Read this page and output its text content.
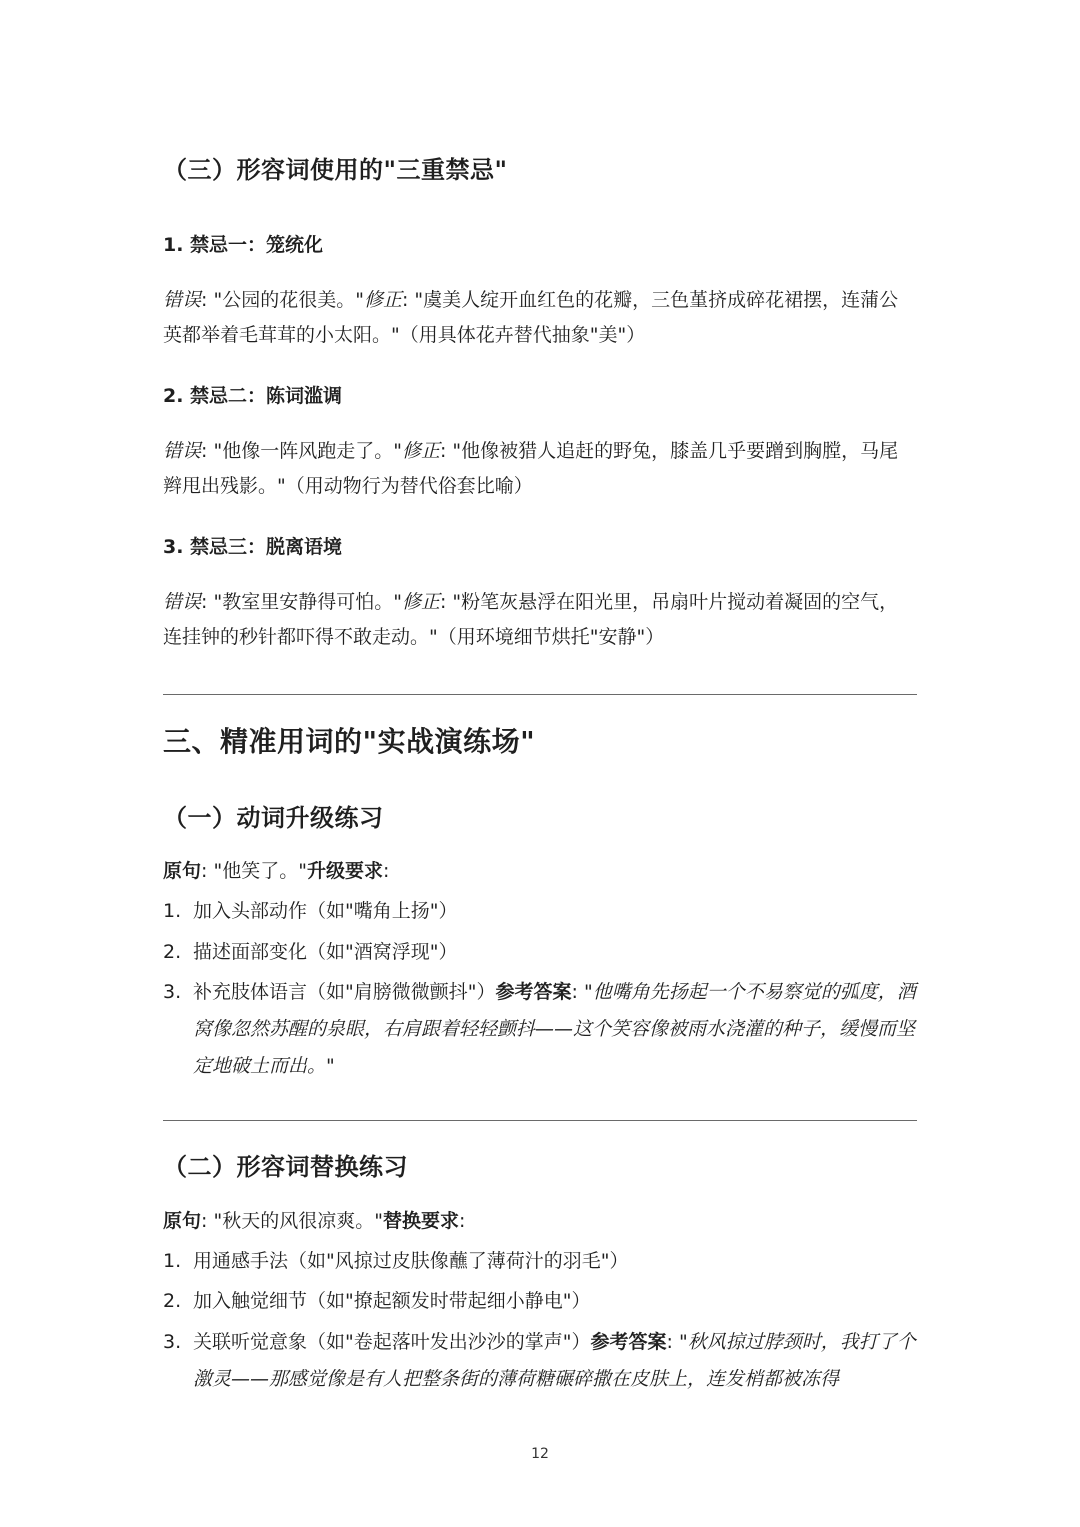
（三）形容词使用的"三重禁忌"
1. 禁忌一：笼统化
错误: "公园的花很美。"修正: "虞美人绽开血红色的花瓣，三色堇挤成碎花裙摆，连蒲公英都举着毛茸茸的小太阳。"（用具体花卉替代抽象"美"）
2. 禁忌二：陈词滥调
错误: "他像一阵风跑走了。"修正: "他像被猎人追赶的野兔，膝盖几乎要蹭到胸膛，马尾辫甩出残影。"（用动物行为替代俗套比喻）
3. 禁忌三：脱离语境
错误: "教室里安静得可怕。"修正: "粉笔灰悬浮在阳光里，吊扇叶片搅动着凝固的空气，连挂钟的秒针都吓得不敢走动。"（用环境细节烘托"安静"）
三、精准用词的"实战演练场"
（一）动词升级练习
原句: "他笑了。"升级要求:
1. 加入头部动作（如"嘴角上扬"）
2. 描述面部变化（如"酒窝浮现"）
3. 补充肢体语言（如"肩膀微微颤抖"）参考答案: "他嘴角先扬起一个不易察觉的弧度，酒窝像忽然苏醒的泉眼，右肩跟着轻轻颤抖——这个笑容像被雨水浇灌的种子，缓慢而坚定地破土而出。"
（二）形容词替换练习
原句: "秋天的风很凉爽。"替换要求:
1. 用通感手法（如"风掠过皮肤像蘸了薄荷汁的羽毛"）
2. 加入触觉细节（如"撩起额发时带起细小静电"）
3. 关联听觉意象（如"卷起落叶发出沙沙的掌声"）参考答案: "秋风掠过脖颈时，我打了个激灵——那感觉像是有人把整条街的薄荷糖碾碎撒在皮肤上，连发梢都被冻得
12
